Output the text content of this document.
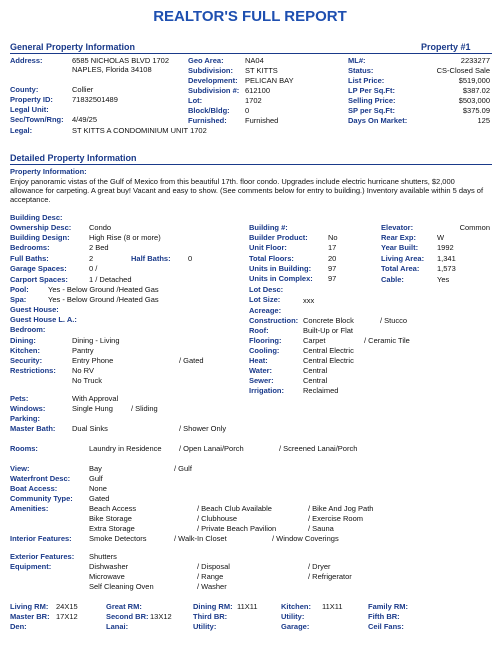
REALTOR'S FULL REPORT
General Property Information	Property #1
Address:	6585 NICHOLAS BLVD 1702
NAPLES, Florida 34108
County:	Collier
Property ID:	71832501489
Legal Unit:
Sec/Town/Rng: 4/49/25
Legal:	ST KITTS A CONDOMINIUM UNIT 1702
Geo Area:	NA04
Subdivision: ST KITTS
Development: PELICAN BAY
Subdivision #: 612100
Lot:	1702
Block/Bldg: 0
Furnished: Furnished
ML#:	2233277
Status:	CS-Closed Sale
List Price:	$519,000
LP Per Sq.Ft:	$387.02
Selling Price:	$503,000
SP per Sq.Ft:	$375.09
Days On Market:	125
Detailed Property Information
Property Information:
Enjoy panoramic vistas of the Gulf of Mexico from this beautiful 17th. floor condo. Upgrades include electric hurricane shutters, $2,000 allowance for carpeting. A great buy! Vacant and easy to show. (See comments below for entry to building.) Inventory available within 5 days of acceptance.
Building Desc:
Ownership Desc: Condo
Building Design:	High Rise (8 or more)
Bedrooms:	2 Bed
Full Baths:	2	Half Baths: 0
Garage Spaces:	0 /
Carport Spaces:	1 / Detached
Pool:	Yes - Below Ground /Heated Gas
Spa:	Yes - Below Ground /Heated Gas
Guest House:
Guest House L. A.:
Bedroom:
Dining:	Dining - Living
Kitchen:	Pantry
Security:	Entry Phone	/ Gated
Restrictions: No RV
No Truck
Pets:	With Approval
Windows:	Single Hung / Sliding
Parking:
Master Bath: Dual Sinks	/ Shower Only
Rooms:	Laundry in Residence / Open Lanai/Porch	/ Screened Lanai/Porch
Building #:
Builder Product:	No
Unit Floor:	17
Total Floors:	20
Units in Building: 97
Units in Complex: 97
Lot Desc:
Lot Size:	xxx
Acreage:
Construction: Concrete Block	/ Stucco
Roof:	Built-Up or Flat
Flooring:	Carpet	/ Ceramic Tile
Cooling:	Central Electric
Heat:	Central Electric
Water:	Central
Sewer:	Central
Irrigation:	Reclaimed
Elevator:	Common
Rear Exp:	W
Year Built:	1992
Living Area: 1,341
Total Area: 1,573
Cable:	Yes
View:	Bay	/ Gulf
Waterfront Desc:	Gulf
Boat Access:	None
Community Type: Gated
Amenities:	Beach Access	/ Beach Club Available	/ Bike And Jog Path
Bike Storage	/ Clubhouse	/ Exercise Room
Extra Storage	/ Private Beach Pavilion	/ Sauna
Interior Features: Smoke Detectors	/ Walk-In Closet	/ Window Coverings
Exterior Features: Shutters
Equipment:	Dishwasher	/ Disposal	/ Dryer
Microwave	/ Range	/ Refrigerator
Self Cleaning Oven	/ Washer
Living RM: 24X15	Great RM:	Dining RM: 11X11	Kitchen: 11X11	Family RM:
Master BR: 17X12	Second BR: 13X12	Third BR:	Utility:	Fifth BR:
Den:	Lanai:	Utility:	Garage:	Ceil Fans:
